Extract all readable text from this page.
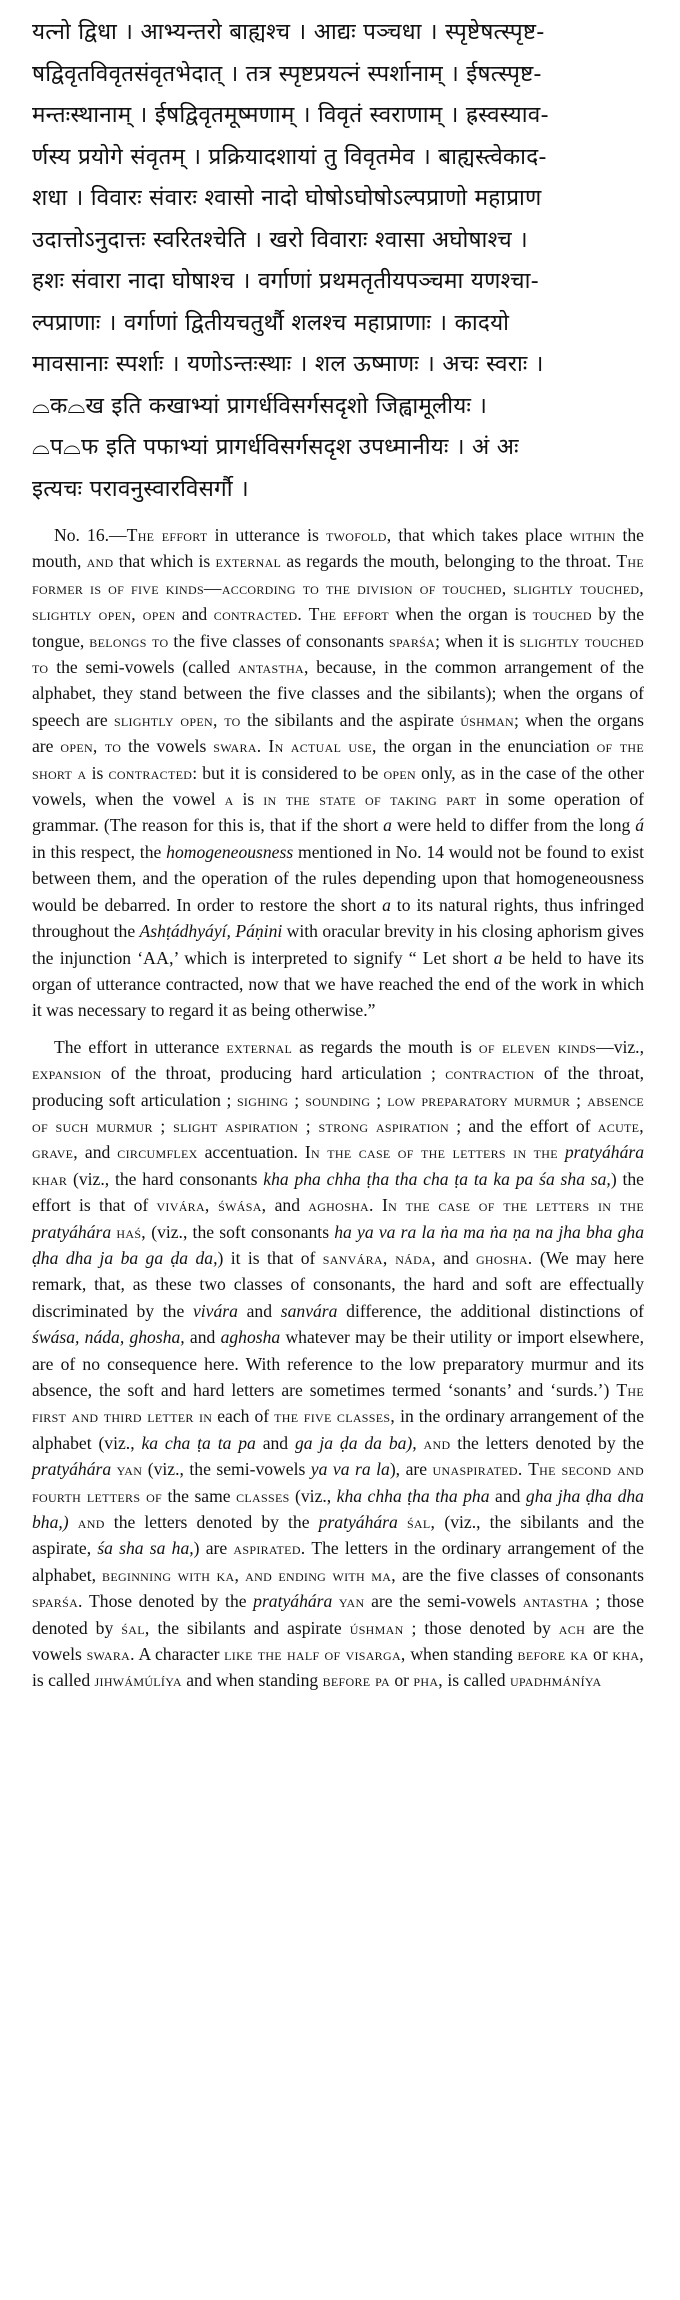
यत्नो द्विधा । आभ्यन्तरो बाह्यश्च । आद्यः पञ्चधा । स्पृष्टेषत्स्पृष्ट-
षद्विवृतविवृतसंवृतभेदात् । तत्र स्पृष्टप्रयत्नं स्पर्शानाम् । ईषत्स्पृष्ट-
मन्तःस्थानाम् । ईषद्विवृतमूष्मणाम् । विवृतं स्वराणाम् । ह्रस्वस्याव-
र्णस्य प्रयोगे संवृतम् । प्रक्रियादशायां तु विवृतमेव । बाह्यस्त्वेकाद-
शधा । विवारः संवारः श्वासो नादो घोषोऽघोषोऽल्पप्राणो महाप्राण
उदात्तोऽनुदात्तः स्वरितश्चेति । खरो विवाराः श्वासा अघोषाश्च ।
हशः संवारा नादा घोषाश्च । वर्गाणां प्रथमतृतीयपञ्चमा यणश्चा-
ल्पप्राणाः । वर्गाणां द्वितीयचतुर्थौ शलश्च महाप्राणाः । कादयो
मावसानाः स्पर्शाः । यणोऽन्तःस्थाः । शल ऊष्माणः । अचः स्वराः ।
⌓क⌓ख इति कखाभ्यां प्रागर्धविसर्गसदृशो जिह्वामूलीयः ।
⌓प⌓फ इति पफाभ्यां प्रागर्धविसर्गसदृश उपध्मानीयः । अं अः
इत्यचः परावनुस्वारविसर्गौ ।

No. 16.—The effort in utterance is twofold, that which takes place within the mouth, and that which is external as regards the mouth, belonging to the throat. The former is of five kinds—according to the division of touched, slightly touched, slightly open, open and contracted. The effort when the organ is touched by the tongue, belongs to the five classes of consonants sparśa; when it is slightly touched to the semi-vowels (called antastha, because, in the common arrangement of the alphabet, they stand between the five classes and the sibilants); when the organs of speech are slightly open, to the sibilants and the aspirate úshman; when the organs are open, to the vowels swara. In actual use, the organ in the enunciation of the short a is contracted: but it is considered to be open only, as in the case of the other vowels, when the vowel a is in the state of taking part in some operation of grammar. (The reason for this is, that if the short a were held to differ from the long á in this respect, the homogeneousness mentioned in No. 14 would not be found to exist between them, and the operation of the rules depending upon that homogeneousness would be debarred. In order to restore the short a to its natural rights, thus infringed throughout the Ashṭádhyáyí, Páṇini with oracular brevity in his closing aphorism gives the injunction ‘AA,’ which is interpreted to signify “ Let short a be held to have its organ of utterance contracted, now that we have reached the end of the work in which it was necessary to regard it as being otherwise.”

The effort in utterance external as regards the mouth is of eleven kinds—viz., expansion of the throat, producing hard articulation ; contraction of the throat, producing soft articulation ; sighing ; sounding ; low preparatory murmur ; absence of such murmur ; slight aspiration ; strong aspiration ; and the effort of acute, grave, and circumflex accentuation. In the case of the letters in the pratyáhára khar (viz., the hard consonants kha pha chha ṭha tha cha ṭa ta ka pa śa sha sa,) the effort is that of vivára, śwása, and aghosha. In the case of the letters in the pratyáhára haś, (viz., the soft consonants ha ya va ra la ṅa ma ṅa ṇa na jha bha gha ḍha dha ja ba ga ḍa da,) it is that of sanvára, náda, and ghosha. (We may here remark, that, as these two classes of consonants, the hard and soft are effectually discriminated by the vivára and sanvára difference, the additional distinctions of śwása, náda, ghosha, and aghosha whatever may be their utility or import elsewhere, are of no consequence here. With reference to the low preparatory murmur and its absence, the soft and hard letters are sometimes termed ‘sonants’ and ‘surds.’) The first and third letter in each of the five classes, in the ordinary arrangement of the alphabet (viz., ka cha ṭa ta pa and ga ja ḍa da ba), and the letters denoted by the pratyáhára yan (viz., the semi-vowels ya va ra la), are unaspirated. The second and fourth letters of the same classes (viz., kha chha ṭha tha pha and gha jha ḍha dha bha,) and the letters denoted by the pratyáhára śal, (viz., the sibilants and the aspirate, śa sha sa ha,) are aspirated. The letters in the ordinary arrangement of the alphabet, beginning with ka, and ending with ma, are the five classes of consonants sparśa. Those denoted by the pratyáhára yan are the semi-vowels antastha ; those denoted by śal, the sibilants and aspirate úshman ; those denoted by ach are the vowels swara. A character like the half of visarga, when standing before ka or kha, is called jihwámúlíya and when standing before pa or pha, is called upadhmáníya
